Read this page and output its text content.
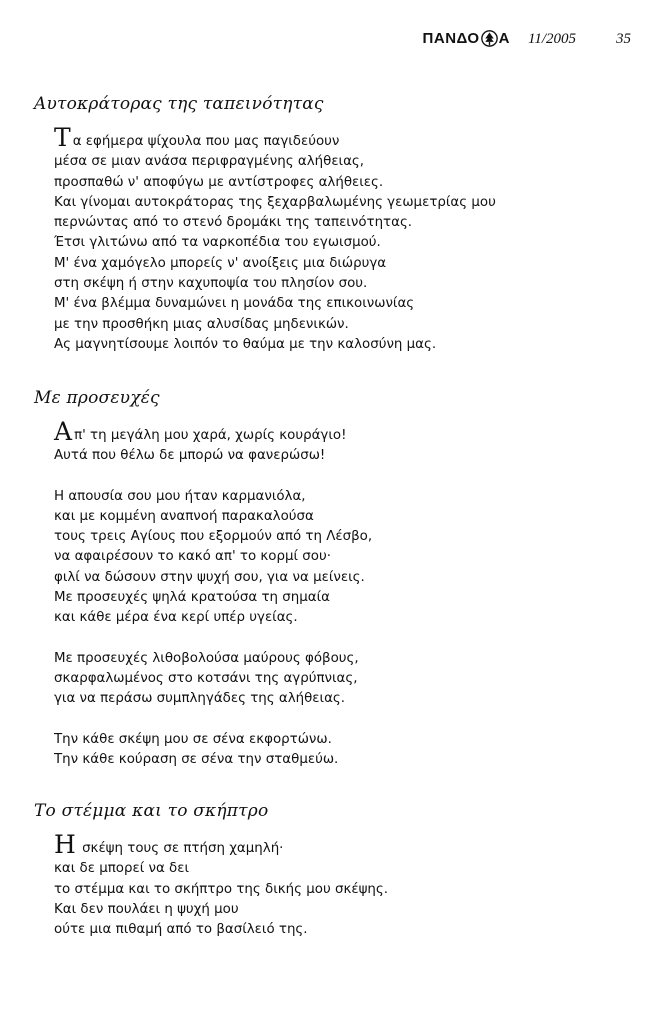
ΠΑΝΔΟ Α 11/2005	35
Αυτοκράτορας της ταπεινότητας
Τα εφήμερα ψίχουλα που μας παγιδεύουν
μέσα σε μιαν ανάσα περιφραγμένης αλήθειας,
προσπαθώ ν' αποφύγω με αντίστροφες αλήθειες.
Και γίνομαι αυτοκράτορας της ξεχαρβαλωμένης γεωμετρίας μου
περνώντας από το στενό δρομάκι της ταπεινότητας.
Έτσι γλιτώνω από τα ναρκοπέδια του εγωισμού.
Μ' ένα χαμόγελο μπορείς ν' ανοίξεις μια διώρυγα
στη σκέψη ή στην καχυποψία του πλησίον σου.
Μ' ένα βλέμμα δυναμώνει η μονάδα της επικοινωνίας
με την προσθήκη μιας αλυσίδας μηδενικών.
Ας μαγνητίσουμε λοιπόν το θαύμα με την καλοσύνη μας.
Με προσευχές
Απ' τη μεγάλη μου χαρά, χωρίς κουράγιο!
Αυτά που θέλω δε μπορώ να φανερώσω!
Η απουσία σου μου ήταν καρμανιόλα,
και με κομμένη αναπνοή παρακαλούσα
τους τρεις Αγίους που εξορμούν από τη Λέσβο,
να αφαιρέσουν το κακό απ' το κορμί σου·
φιλί να δώσουν στην ψυχή σου, για να μείνεις.
Με προσευχές ψηλά κρατούσα τη σημαία
και κάθε μέρα ένα κερί υπέρ υγείας.
Με προσευχές λιθοβολούσα μαύρους φόβους,
σκαρφαλωμένος στο κοτσάνι της αγρύπνιας,
για να περάσω συμπληγάδες της αλήθειας.
Την κάθε σκέψη μου σε σένα εκφορτώνω.
Την κάθε κούραση σε σένα την σταθμεύω.
Το στέμμα και το σκήπτρο
Η σκέψη τους σε πτήση χαμηλή·
και δε μπορεί να δει
το στέμμα και το σκήπτρο της δικής μου σκέψης.
Και δεν πουλάει η ψυχή μου
ούτε μια πιθαμή από το βασίλειό της.
